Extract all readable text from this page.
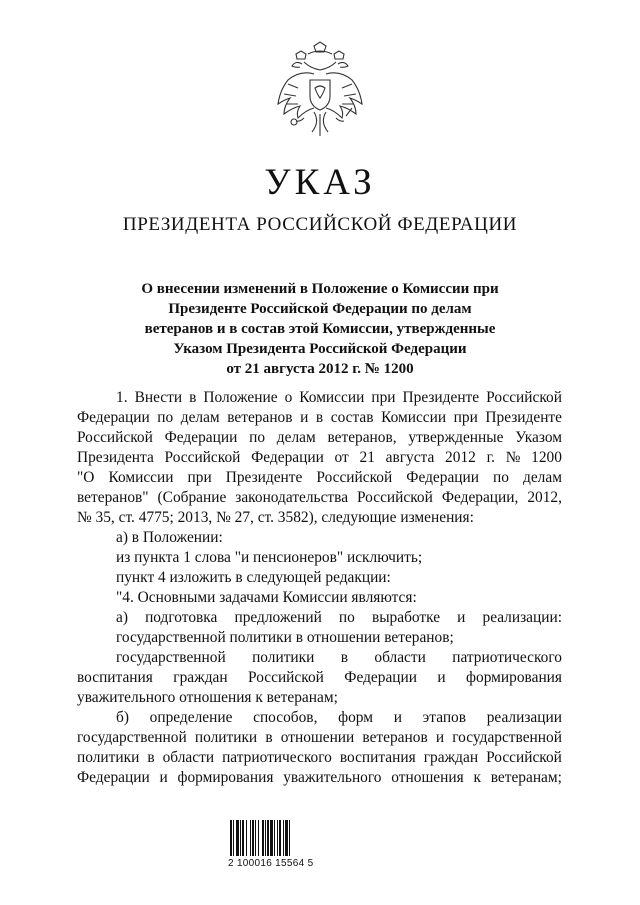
УКАЗ
ПРЕЗИДЕНТА РОССИЙСКОЙ ФЕДЕРАЦИИ
О внесении изменений в Положение о Комиссии при
Президенте Российской Федерации по делам
ветеранов и в состав этой Комиссии, утвержденные
Указом Президента Российской Федерации
от 21 августа 2012 г. № 1200
1. Внести в Положение о Комиссии при Президенте Российской
Федерации по делам ветеранов и в состав Комиссии при Президенте
Российской Федерации по делам ветеранов, утвержденные Указом
Президента Российской Федерации от 21 августа 2012 г. № 1200
"О Комиссии при Президенте Российской Федерации по делам
ветеранов" (Собрание законодательства Российской Федерации, 2012,
№ 35, ст. 4775; 2013, № 27, ст. 3582), следующие изменения:
а) в Положении:
из пункта 1 слова "и пенсионеров" исключить;
пункт 4 изложить в следующей редакции:
"4. Основными задачами Комиссии являются:
а) подготовка предложений по выработке и реализации:
государственной политики в отношении ветеранов;
государственной политики в области патриотического
воспитания граждан Российской Федерации и формирования
уважительного отношения к ветеранам;
б) определение способов, форм и этапов реализации
государственной политики в отношении ветеранов и государственной
политики в области патриотического воспитания граждан Российской
Федерации и формирования уважительного отношения к ветеранам;
2 100016 15564 5
